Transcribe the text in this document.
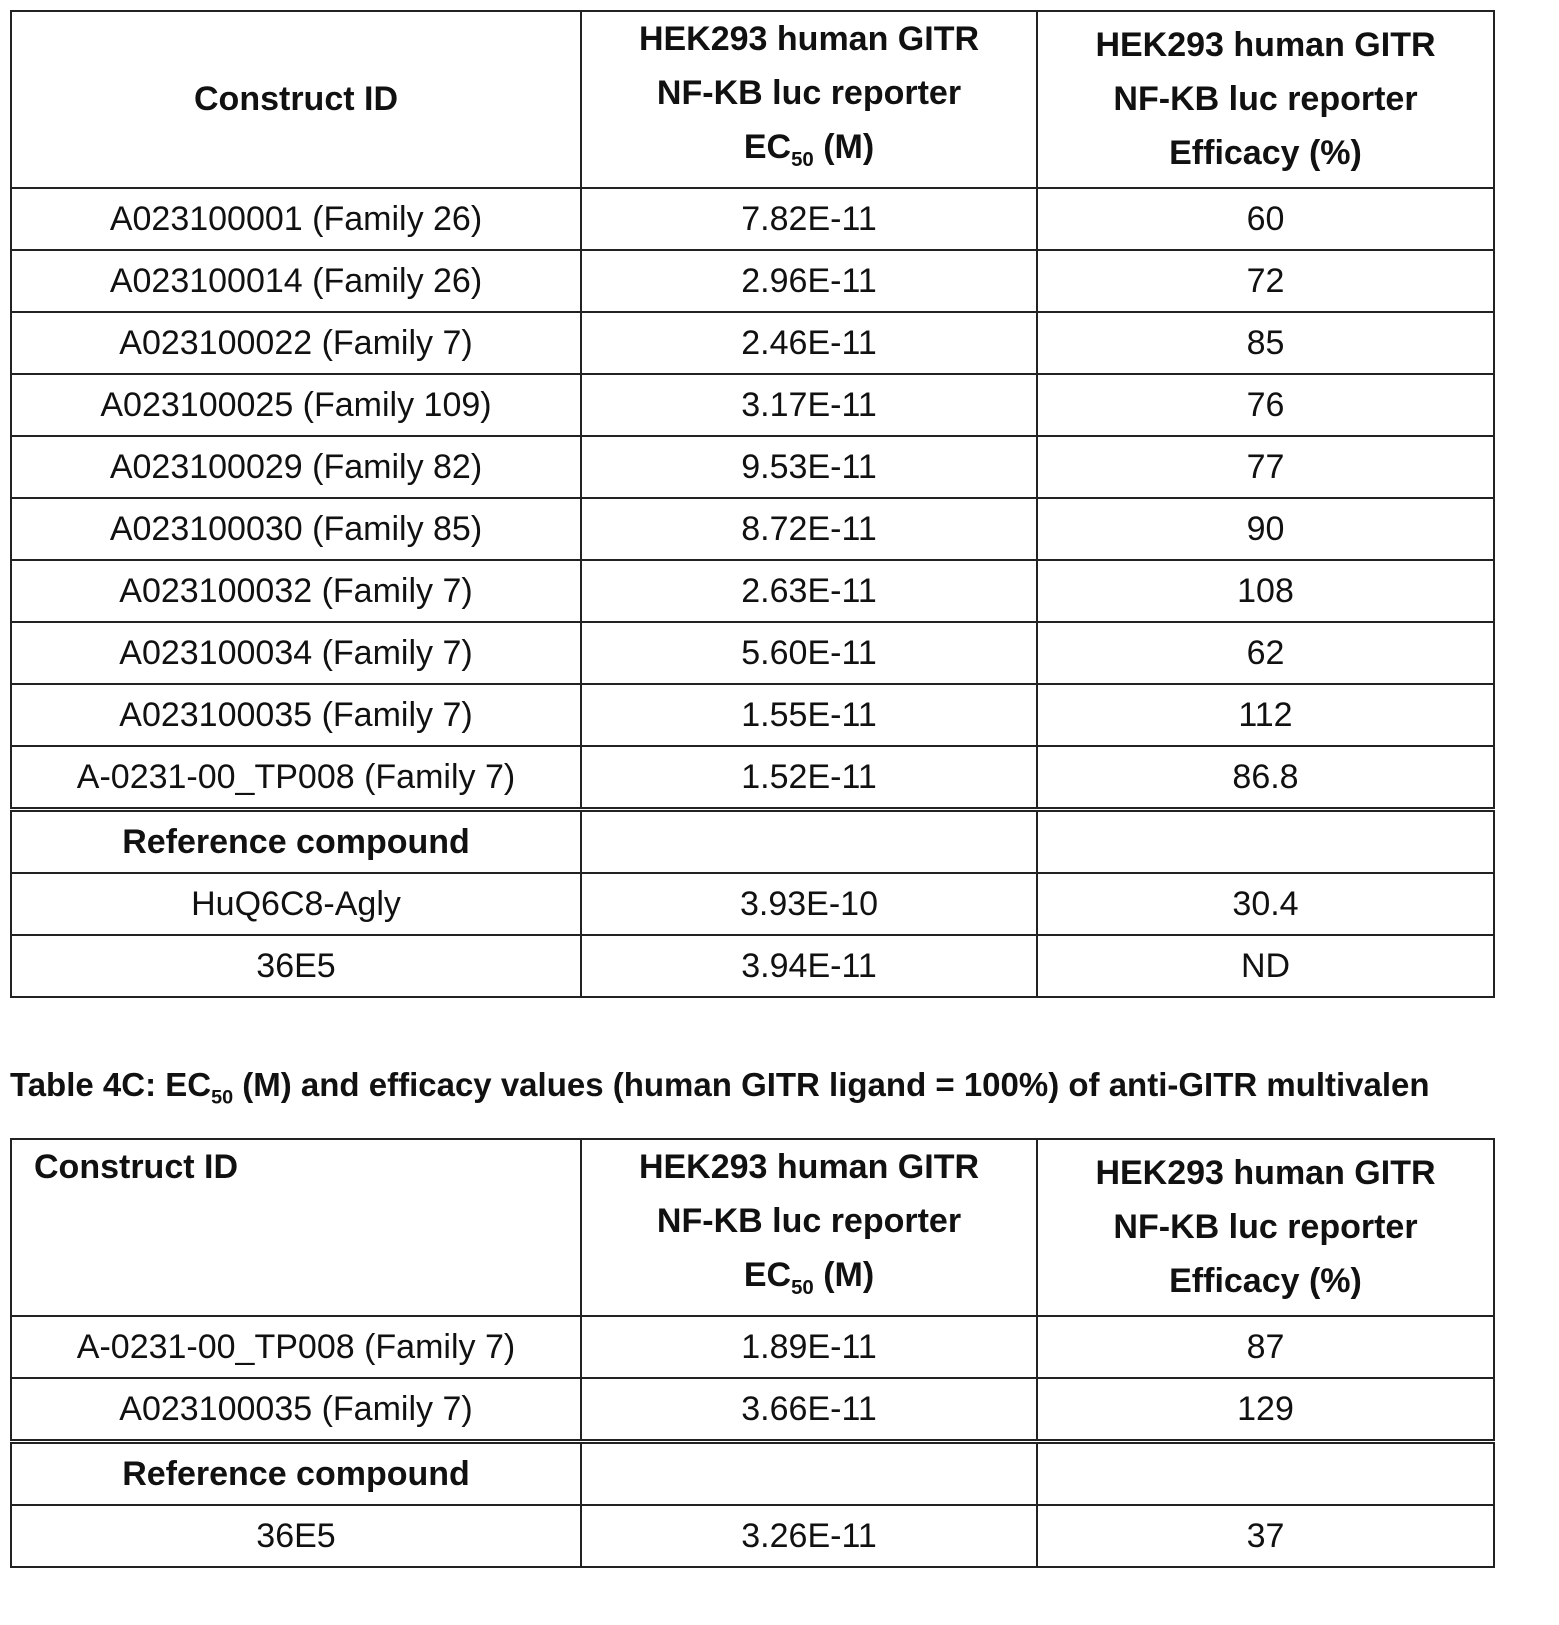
Construct ID	HEK293 human GITR
NF-KB luc reporter
EC50 (M)	HEK293 human GITR
NF-KB luc reporter
Efficacy (%)
A023100001 (Family 26)	7.82E-11	60
A023100014 (Family 26)	2.96E-11	72
A023100022 (Family 7)	2.46E-11	85
A023100025 (Family 109)	3.17E-11	76
A023100029 (Family 82)	9.53E-11	77
A023100030 (Family 85)	8.72E-11	90
A023100032 (Family 7)	2.63E-11	108
A023100034 (Family 7)	5.60E-11	62
A023100035 (Family 7)	1.55E-11	112
A-0231-00_TP008 (Family 7)	1.52E-11	86.8
Reference compound		
HuQ6C8-Agly	3.93E-10	30.4
36E5	3.94E-11	ND
Table 4C: EC50 (M) and efficacy values (human GITR ligand = 100%) of anti-GITR multivalen
Construct ID	HEK293 human GITR
NF-KB luc reporter
EC50 (M)	HEK293 human GITR
NF-KB luc reporter
Efficacy (%)
A-0231-00_TP008 (Family 7)	1.89E-11	87
A023100035 (Family 7)	3.66E-11	129
Reference compound		
36E5	3.26E-11	37
